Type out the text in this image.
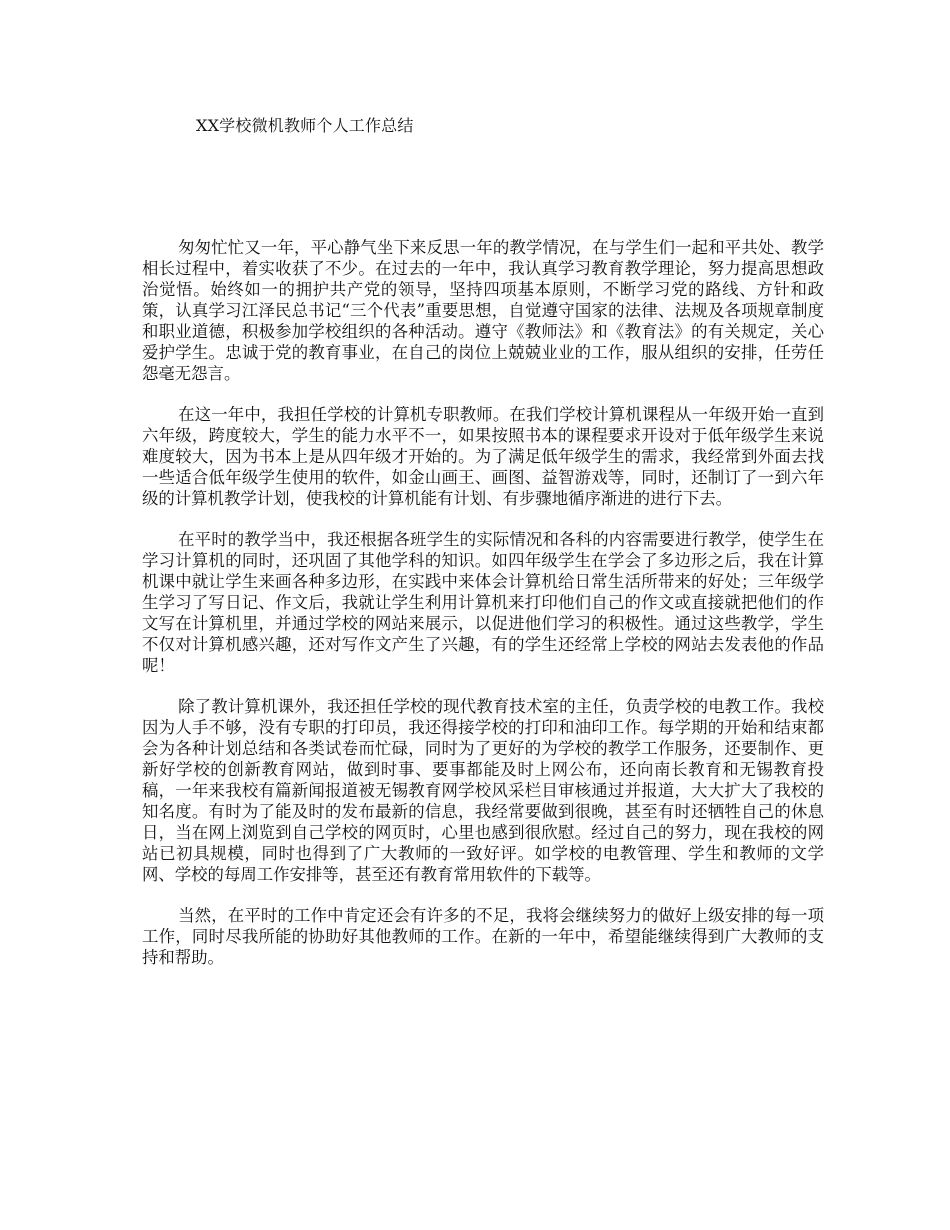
XX学校微机教师个人工作总结

匆匆忙忙又一年，平心静气坐下来反思一年的教学情况，在与学生们一起和平共处、教学相长过程中，着实收获了不少。在过去的一年中，我认真学习教育教学理论，努力提高思想政治觉悟。始终如一的拥护共产党的领导，坚持四项基本原则，不断学习党的路线、方针和政策，认真学习江泽民总书记“三个代表”重要思想，自觉遵守国家的法律、法规及各项规章制度和职业道德，积极参加学校组织的各种活动。遵守《教师法》和《教育法》的有关规定，关心爱护学生。忠诚于党的教育事业，在自己的岗位上兢兢业业的工作，服从组织的安排，任劳任怨毫无怨言。

在这一年中，我担任学校的计算机专职教师。在我们学校计算机课程从一年级开始一直到六年级，跨度较大，学生的能力水平不一，如果按照书本的课程要求开设对于低年级学生来说难度较大，因为书本上是从四年级才开始的。为了满足低年级学生的需求，我经常到外面去找一些适合低年级学生使用的软件，如金山画王、画图、益智游戏等，同时，还制订了一到六年级的计算机教学计划，使我校的计算机能有计划、有步骤地循序渐进的进行下去。

在平时的教学当中，我还根据各班学生的实际情况和各科的内容需要进行教学，使学生在学习计算机的同时，还巩固了其他学科的知识。如四年级学生在学会了多边形之后，我在计算机课中就让学生来画各种多边形，在实践中来体会计算机给日常生活所带来的好处；三年级学生学习了写日记、作文后，我就让学生利用计算机来打印他们自己的作文或直接就把他们的作文写在计算机里，并通过学校的网站来展示，以促进他们学习的积极性。通过这些教学，学生不仅对计算机感兴趣，还对写作文产生了兴趣，有的学生还经常上学校的网站去发表他的作品呢！

除了教计算机课外，我还担任学校的现代教育技术室的主任，负责学校的电教工作。我校因为人手不够，没有专职的打印员，我还得接学校的打印和油印工作。每学期的开始和结束都会为各种计划总结和各类试卷而忙碌，同时为了更好的为学校的教学工作服务，还要制作、更新好学校的创新教育网站，做到时事、要事都能及时上网公布，还向南长教育和无锡教育投稿，一年来我校有篇新闻报道被无锡教育网学校风采栏目审核通过并报道，大大扩大了我校的知名度。有时为了能及时的发布最新的信息，我经常要做到很晚，甚至有时还牺牲自己的休息日，当在网上浏览到自己学校的网页时，心里也感到很欣慰。经过自己的努力，现在我校的网站已初具规模，同时也得到了广大教师的一致好评。如学校的电教管理、学生和教师的文学网、学校的每周工作安排等，甚至还有教育常用软件的下载等。

当然，在平时的工作中肯定还会有许多的不足，我将会继续努力的做好上级安排的每一项工作，同时尽我所能的协助好其他教师的工作。在新的一年中，希望能继续得到广大教师的支持和帮助。
